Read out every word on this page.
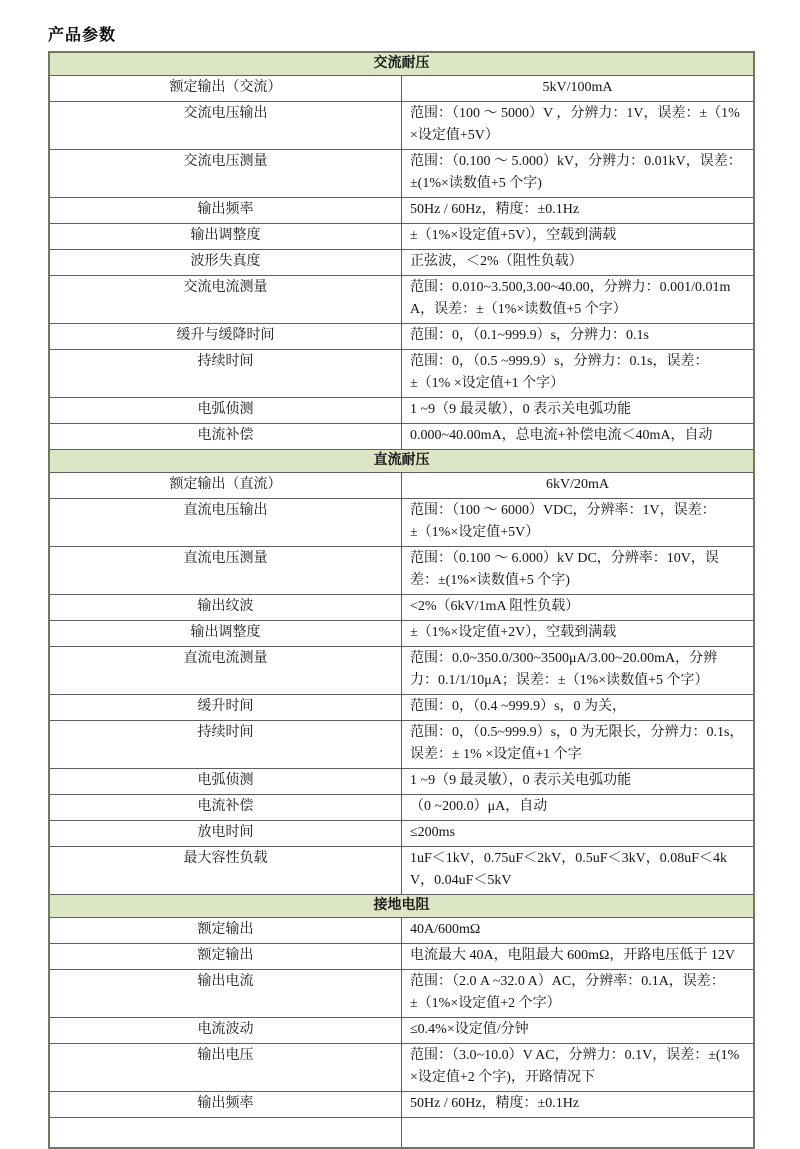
产品参数
交流耐压	
额定输出（交流）	5kV/100mA
交流电压输出	范围：（100 ～ 5000）V ，分辨力：1V，误差：±（1%×设定值+5V）
交流电压测量	范围：（0.100 ～ 5.000）kV，分辨力：0.01kV，误差：±(1%×读数值+5 个字)
输出频率	50Hz / 60Hz，精度：±0.1Hz
输出调整度	±（1%×设定值+5V），空载到满载
波形失真度	正弦波，＜2%（阻性负载）
交流电流测量	范围：0.010~3.500,3.00~40.00，分辨力：0.001/0.01mA，误差：±（1%×读数值+5 个字）
缓升与缓降时间	范围：0，（0.1~999.9）s，分辨力：0.1s
持续时间	范围：0，（0.5 ~999.9）s，分辨力：0.1s，误差：±（1% ×设定值+1 个字）
电弧侦测	1 ~9（9 最灵敏），0 表示关电弧功能
电流补偿	0.000~40.00mA，总电流+补偿电流＜40mA，自动
直流耐压	
额定输出（直流）	6kV/20mA
直流电压输出	范围：（100 ～ 6000）VDC，分辨率：1V，误差：±（1%×设定值+5V）
直流电压测量	范围：（0.100 ～ 6.000）kV DC，分辨率：10V，误差：±(1%×读数值+5 个字)
输出纹波	<2%（6kV/1mA 阻性负载）
输出调整度	±（1%×设定值+2V），空载到满载
直流电流测量	范围：0.0~350.0/300~3500μA/3.00~20.00mA，分辨力：0.1/1/10μA；误差：±（1%×读数值+5 个字）
缓升时间	范围：0，（0.4 ~999.9）s，0 为关，
持续时间	范围：0，（0.5~999.9）s，0 为无限长，分辨力：0.1s，误差：± 1% ×设定值+1 个字
电弧侦测	1 ~9（9 最灵敏），0 表示关电弧功能
电流补偿	（0 ~200.0）μA，自动
放电时间	≤200ms
最大容性负载	1uF＜1kV，0.75uF＜2kV，0.5uF＜3kV，0.08uF＜4kV，0.04uF＜5kV
接地电阻	
额定输出	40A/600mΩ
额定输出	电流最大 40A，电阻最大 600mΩ，开路电压低于 12V
输出电流	范围：（2.0 A ~32.0 A）AC，分辨率：0.1A，误差：±（1%×设定值+2 个字）
电流波动	≤0.4%×设定值/分钟
输出电压	范围：（3.0~10.0）V AC，分辨力：0.1V，误差：±(1%×设定值+2 个字)，开路情况下
输出频率	50Hz / 60Hz，精度：±0.1Hz
